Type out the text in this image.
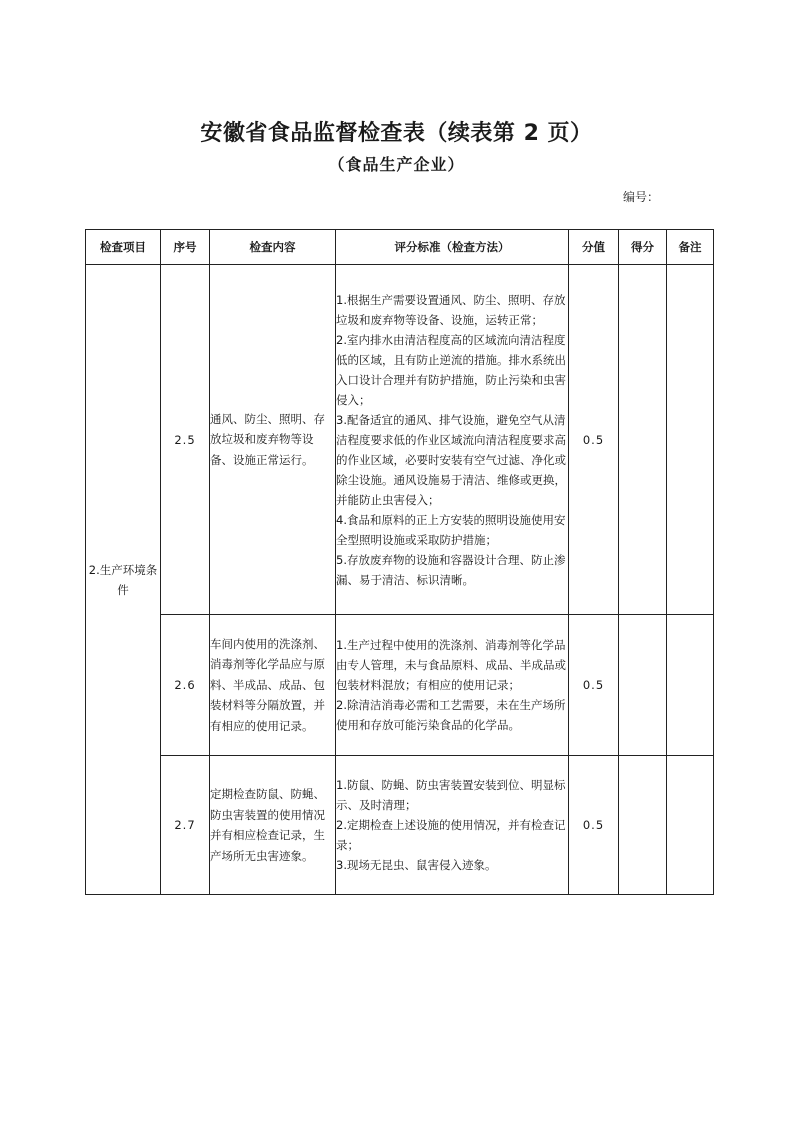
安徽省食品监督检查表（续表第 2 页）
（食品生产企业）
编号：
检查项目	序号	检查内容	评分标准（检查方法）	分值	得分	备注
2.生产环境条件	2.5	通风、防尘、照明、存放垃圾和废弃物等设备、设施正常运行。	1.根据生产需要设置通风、防尘、照明、存放垃圾和废弃物等设备、设施，运转正常；
2.室内排水由清洁程度高的区域流向清洁程度低的区域，且有防止逆流的措施。排水系统出入口设计合理并有防护措施，防止污染和虫害侵入；
3.配备适宜的通风、排气设施，避免空气从清洁程度要求低的作业区域流向清洁程度要求高的作业区域，必要时安装有空气过滤、净化或除尘设施。通风设施易于清洁、维修或更换，并能防止虫害侵入；
4.食品和原料的正上方安装的照明设施使用安全型照明设施或采取防护措施；
5.存放废弃物的设施和容器设计合理、防止渗漏、易于清洁、标识清晰。	0.5		
	2.6	车间内使用的洗涤剂、消毒剂等化学品应与原料、半成品、成品、包装材料等分隔放置，并有相应的使用记录。	1.生产过程中使用的洗涤剂、消毒剂等化学品由专人管理，未与食品原料、成品、半成品或包装材料混放；有相应的使用记录；
2.除清洁消毒必需和工艺需要，未在生产场所使用和存放可能污染食品的化学品。	0.5		
	2.7	定期检查防鼠、防蝇、防虫害装置的使用情况并有相应检查记录，生产场所无虫害迹象。	1.防鼠、防蝇、防虫害装置安装到位、明显标示、及时清理；
2.定期检查上述设施的使用情况，并有检查记录；
3.现场无昆虫、鼠害侵入迹象。	0.5		
